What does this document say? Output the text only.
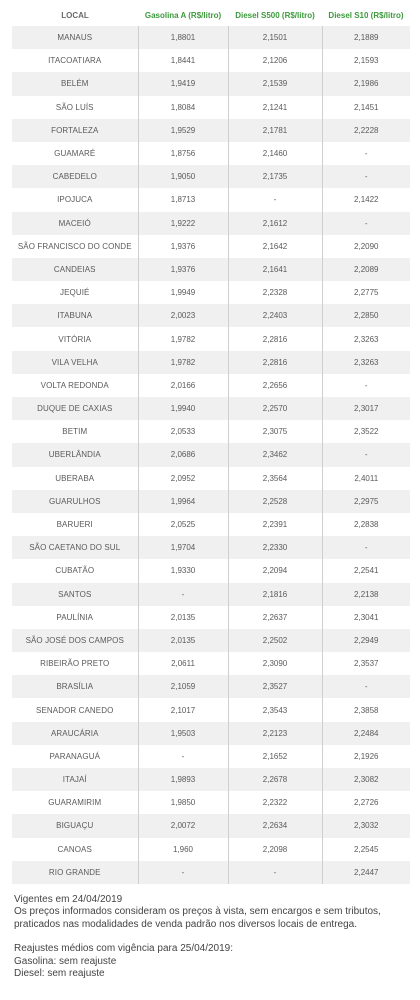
LOCAL	Gasolina A (R$/litro)	Diesel S500 (R$/litro)	Diesel S10 (R$/litro)
MANAUS	1,8801	2,1501	2,1889
ITACOATIARA	1,8441	2,1206	2,1593
BELÉM	1,9419	2,1539	2,1986
SÃO LUÍS	1,8084	2,1241	2,1451
FORTALEZA	1,9529	2,1781	2,2228
GUAMARÉ	1,8756	2,1460	-
CABEDELO	1,9050	2,1735	-
IPOJUCA	1,8713	-	2,1422
MACEIÓ	1,9222	2,1612	-
SÃO FRANCISCO DO CONDE	1,9376	2,1642	2,2090
CANDEIAS	1,9376	2,1641	2,2089
JEQUIÉ	1,9949	2,2328	2,2775
ITABUNA	2,0023	2,2403	2,2850
VITÓRIA	1,9782	2,2816	2,3263
VILA VELHA	1,9782	2,2816	2,3263
VOLTA REDONDA	2,0166	2,2656	-
DUQUE DE CAXIAS	1,9940	2,2570	2,3017
BETIM	2,0533	2,3075	2,3522
UBERLÂNDIA	2,0686	2,3462	-
UBERABA	2,0952	2,3564	2,4011
GUARULHOS	1,9964	2,2528	2,2975
BARUERI	2,0525	2,2391	2,2838
SÃO CAETANO DO SUL	1,9704	2,2330	-
CUBATÃO	1,9330	2,2094	2,2541
SANTOS	-	2,1816	2,2138
PAULÍNIA	2,0135	2,2637	2,3041
SÃO JOSÉ DOS CAMPOS	2,0135	2,2502	2,2949
RIBEIRÃO PRETO	2,0611	2,3090	2,3537
BRASÍLIA	2,1059	2,3527	-
SENADOR CANEDO	2,1017	2,3543	2,3858
ARAUCÁRIA	1,9503	2,2123	2,2484
PARANAGUÁ	-	2,1652	2,1926
ITAJAÍ	1,9893	2,2678	2,3082
GUARAMIRIM	1,9850	2,2322	2,2726
BIGUAÇU	2,0072	2,2634	2,3032
CANOAS	1,960	2,2098	2,2545
RIO GRANDE	-	-	2,2447

Vigentes em 24/04/2019

Os preços informados consideram os preços à vista, sem encargos e sem tributos, praticados nas modalidades de venda padrão nos diversos locais de entrega.

Reajustes médios com vigência para 25/04/2019:

Gasolina: sem reajuste

Diesel: sem reajuste
